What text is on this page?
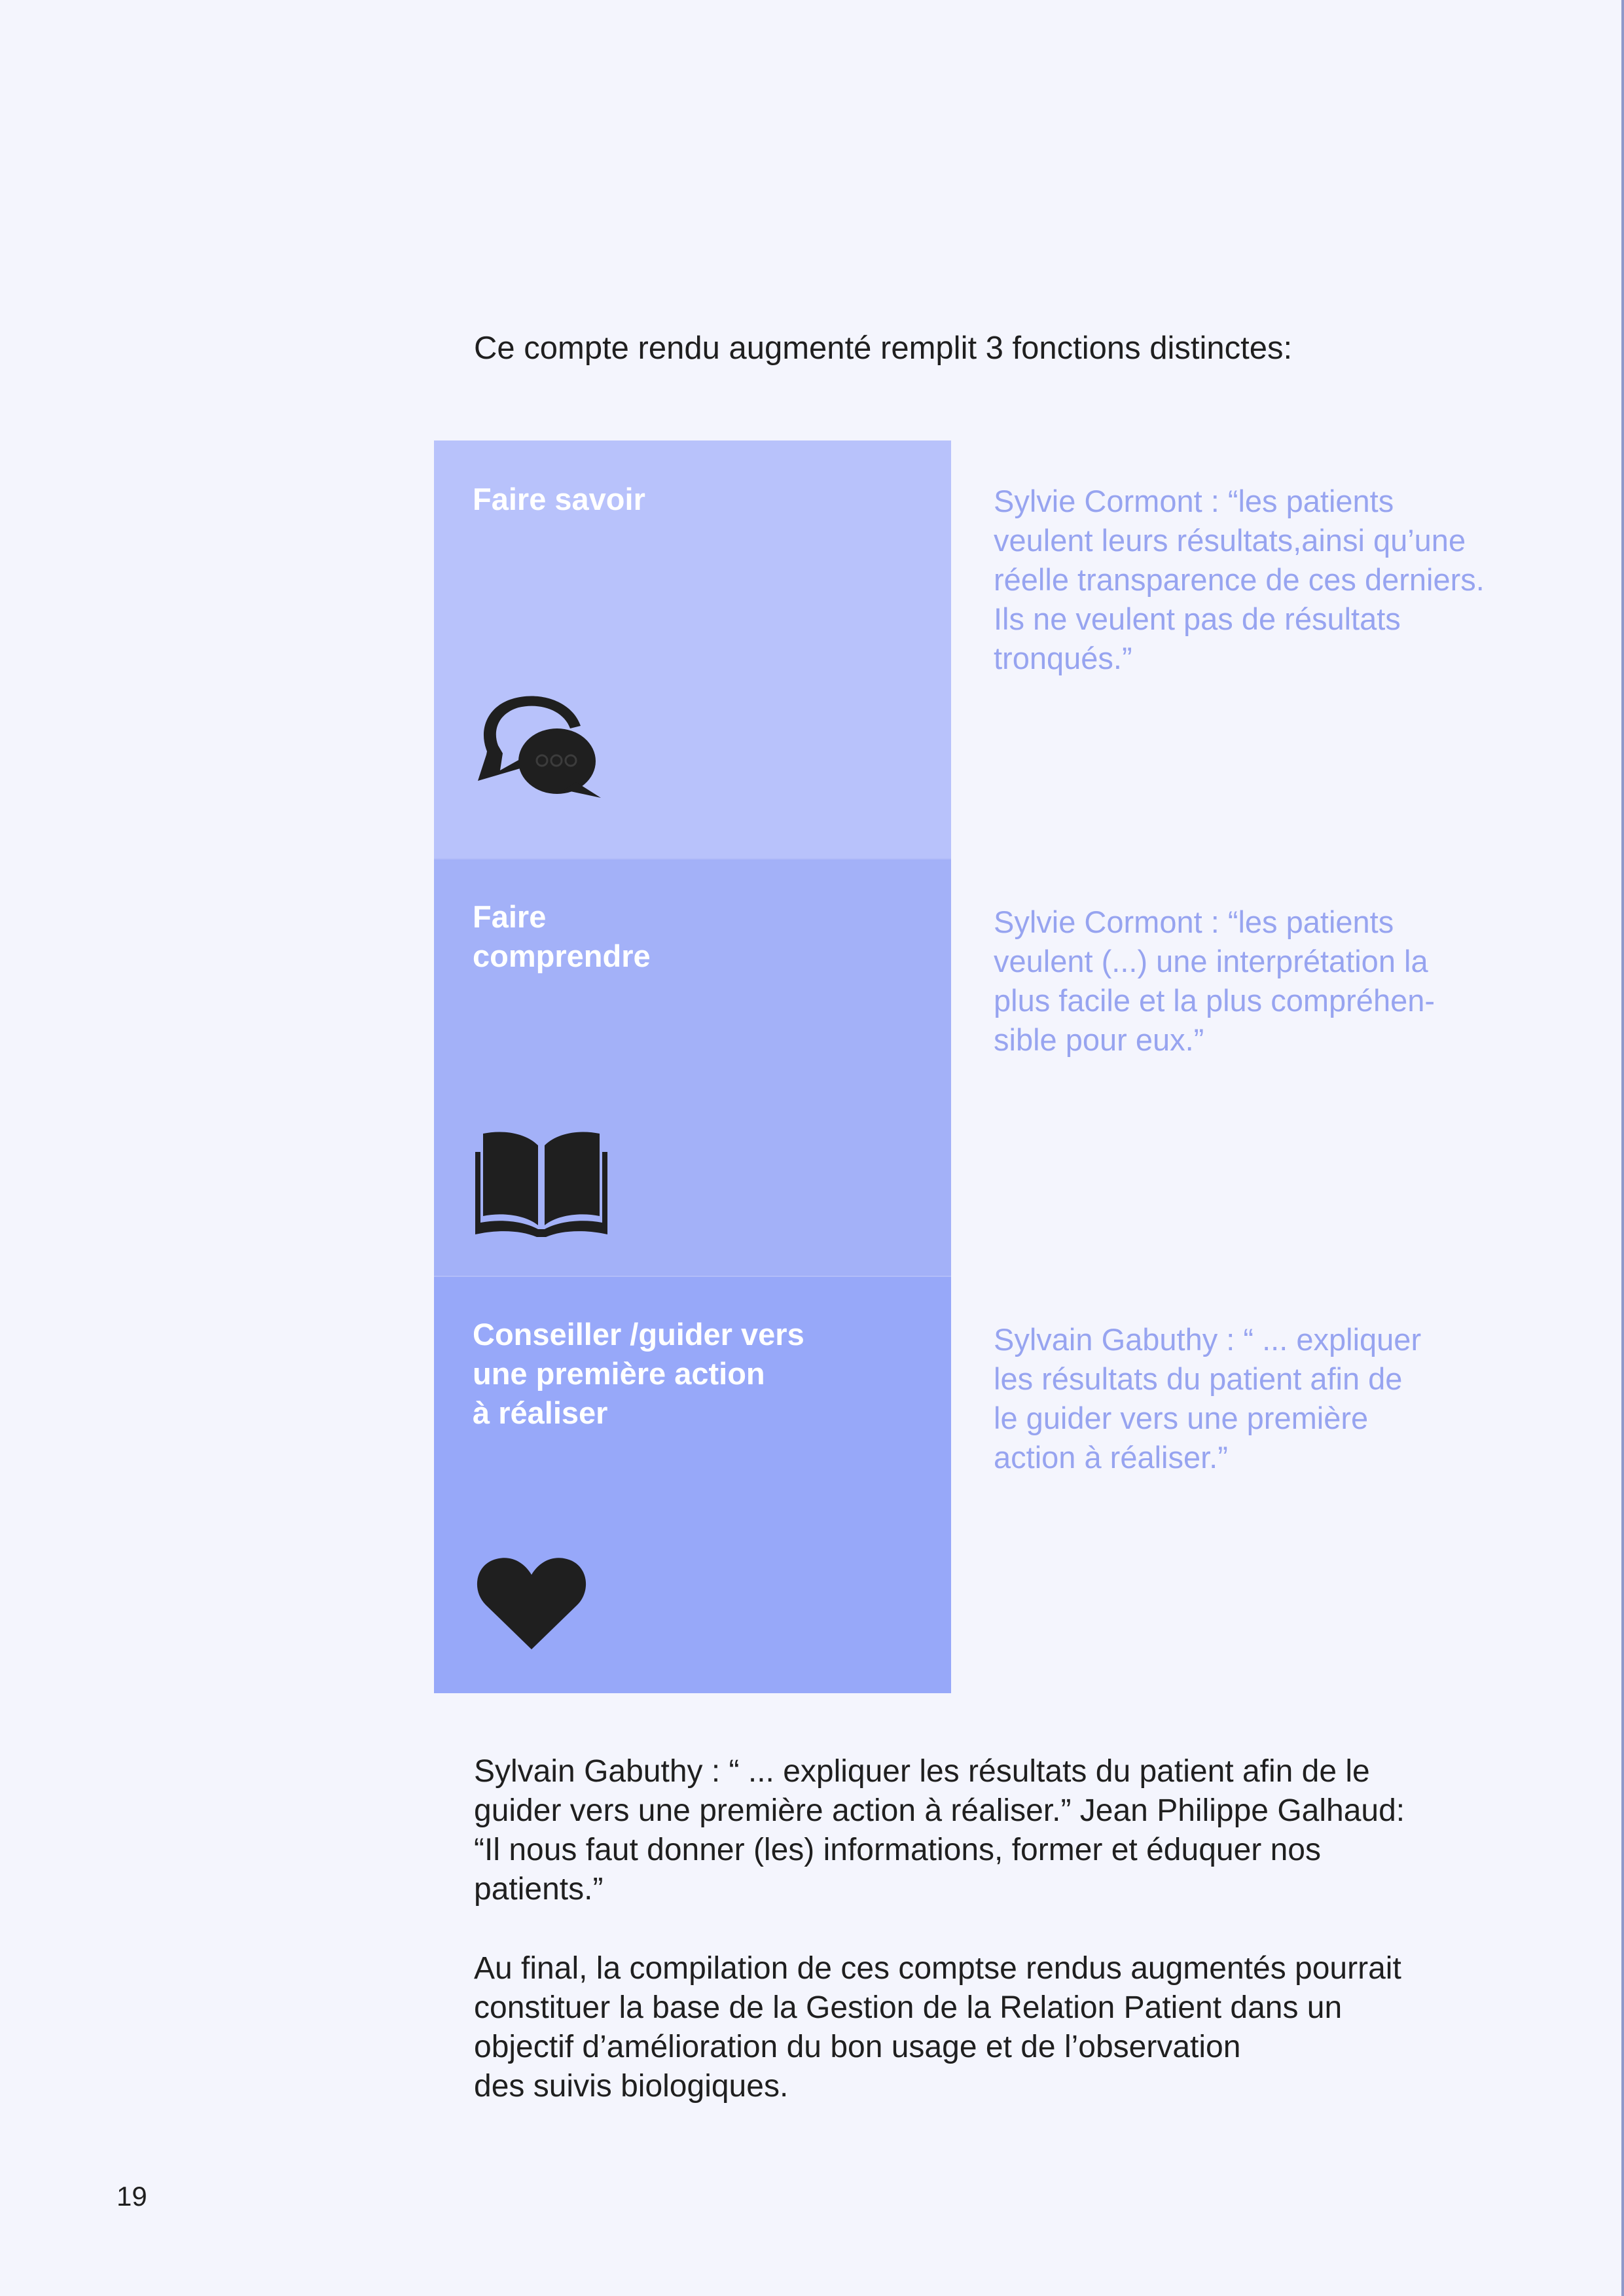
Ce compte rendu augmenté remplit 3 fonctions distinctes:

Faire savoir

Faire
comprendre

Conseiller /guider vers
une première action
à réaliser

Sylvie Cormont : “les patients
veulent leurs résultats,ainsi qu’une
réelle transparence de ces derniers.
Ils ne veulent pas de résultats
tronqués.”

Sylvie Cormont : “les patients
veulent (...) une interprétation la
plus facile et la plus compréhen-
sible pour eux.”

Sylvain Gabuthy : “ ... expliquer
les résultats du patient afin de
le guider vers une première
action à réaliser.”

Sylvain Gabuthy : “ ... expliquer les résultats du patient afin de le
guider vers une première action à réaliser.” Jean Philippe Galhaud:
“Il nous faut donner (les) informations, former et éduquer nos
patients.”

Au final, la compilation de ces comptse rendus augmentés pourrait
constituer la base de la Gestion de la Relation Patient dans un
objectif d’amélioration du bon usage et de l’observation
des suivis biologiques.

19
